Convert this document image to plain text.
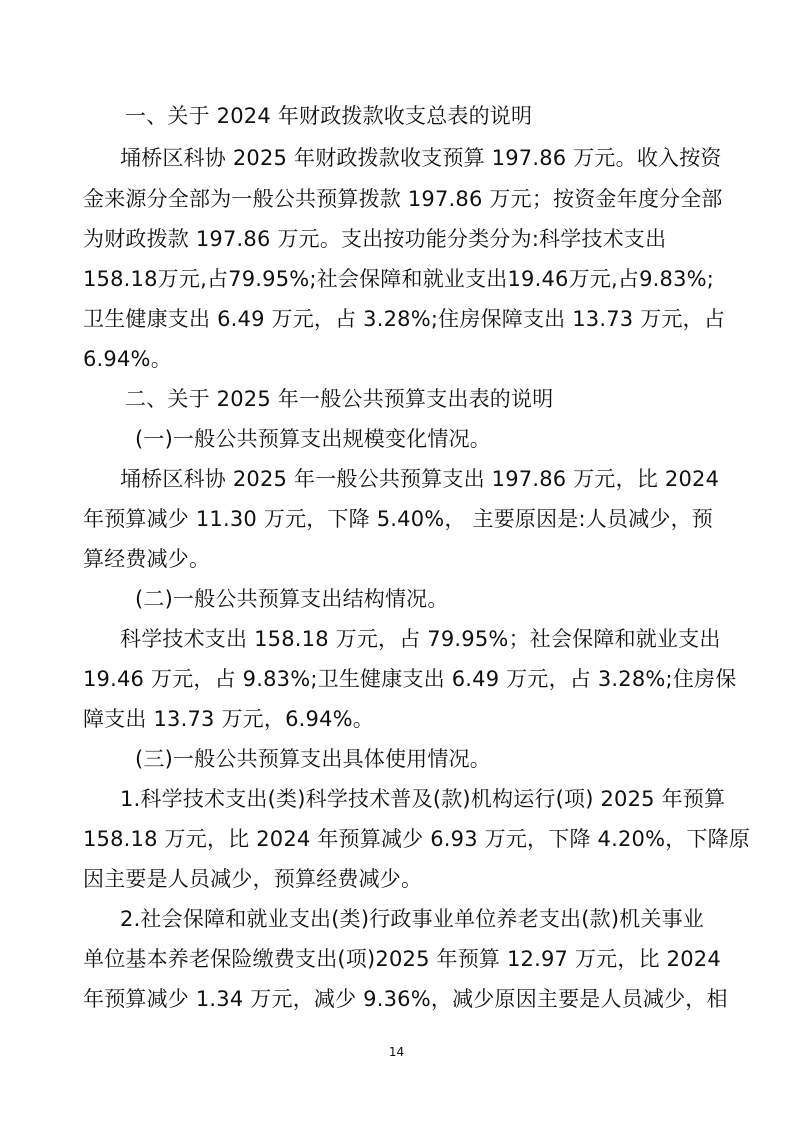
一、关于 2024 年财政拨款收支总表的说明
埇桥区科协 2025 年财政拨款收支预算 197.86 万元。收入按资
金来源分全部为一般公共预算拨款 197.86 万元；按资金年度分全部
为财政拨款 197.86 万元。支出按功能分类分为:科学技术支出
158.18万元,占79.95%;社会保障和就业支出19.46万元,占9.83%;
卫生健康支出 6.49 万元，占 3.28%;住房保障支出 13.73 万元，占
6.94%。
二、关于 2025 年一般公共预算支出表的说明
(一)一般公共预算支出规模变化情况。
埇桥区科协 2025 年一般公共预算支出 197.86 万元，比 2024
年预算减少 11.30 万元，下降 5.40%， 主要原因是:人员减少，预
算经费减少。
(二)一般公共预算支出结构情况。
科学技术支出 158.18 万元，占 79.95%；社会保障和就业支出
19.46 万元，占 9.83%;卫生健康支出 6.49 万元，占 3.28%;住房保
障支出 13.73 万元，6.94%。
(三)一般公共预算支出具体使用情况。
1.科学技术支出(类)科学技术普及(款)机构运行(项) 2025 年预算
158.18 万元，比 2024 年预算减少 6.93 万元，下降 4.20%，下降原
因主要是人员减少，预算经费减少。
2.社会保障和就业支出(类)行政事业单位养老支出(款)机关事业
单位基本养老保险缴费支出(项)2025 年预算 12.97 万元，比 2024
年预算减少 1.34 万元，减少 9.36%，减少原因主要是人员减少，相
14
